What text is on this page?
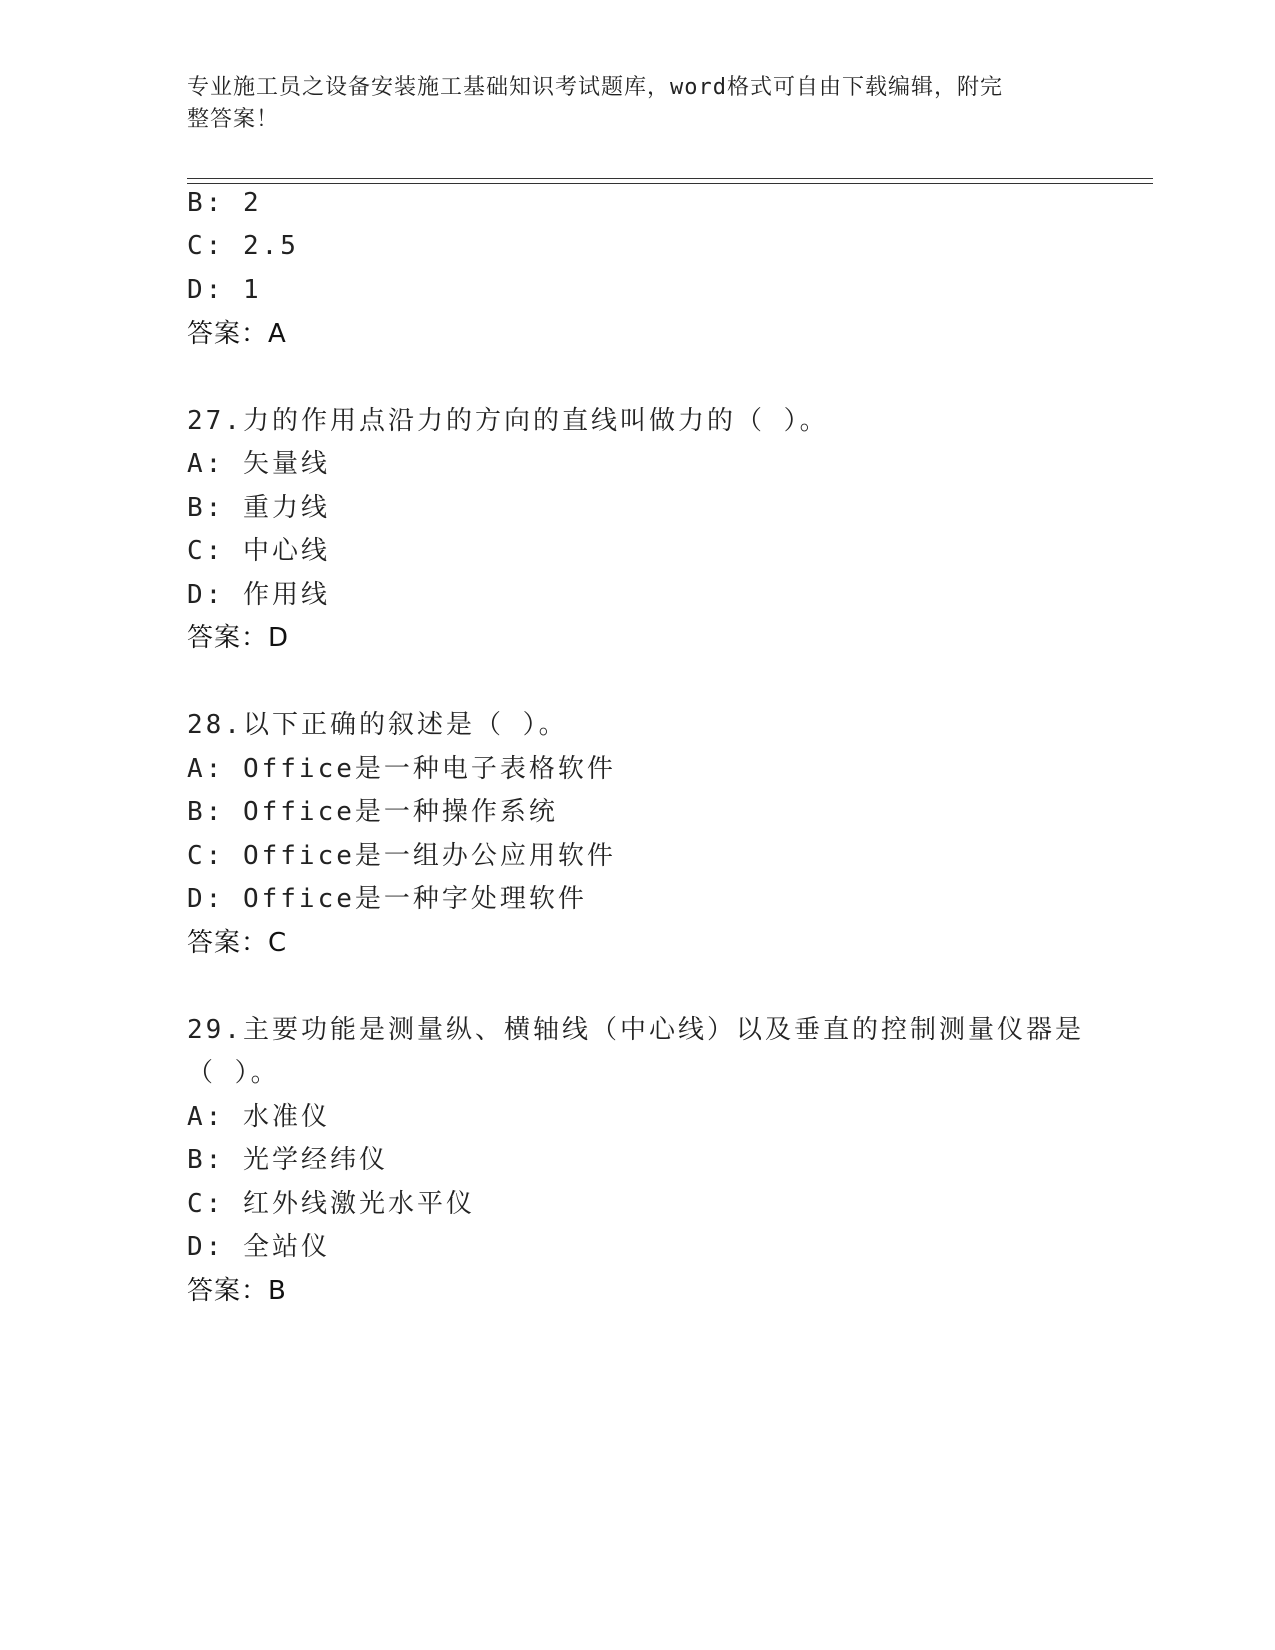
专业施工员之设备安装施工基础知识考试题库，word格式可自由下载编辑，附完
整答案！
B: 2
C: 2.5
D: 1
答案：A
27.力的作用点沿力的方向的直线叫做力的（ ）。
A: 矢量线
B: 重力线
C: 中心线
D: 作用线
答案：D
28.以下正确的叙述是（ ）。
A: Office是一种电子表格软件
B: Office是一种操作系统
C: Office是一组办公应用软件
D: Office是一种字处理软件
答案：C
29.主要功能是测量纵、横轴线（中心线）以及垂直的控制测量仪器是
（ ）。
A: 水准仪
B: 光学经纬仪
C: 红外线激光水平仪
D: 全站仪
答案：B
